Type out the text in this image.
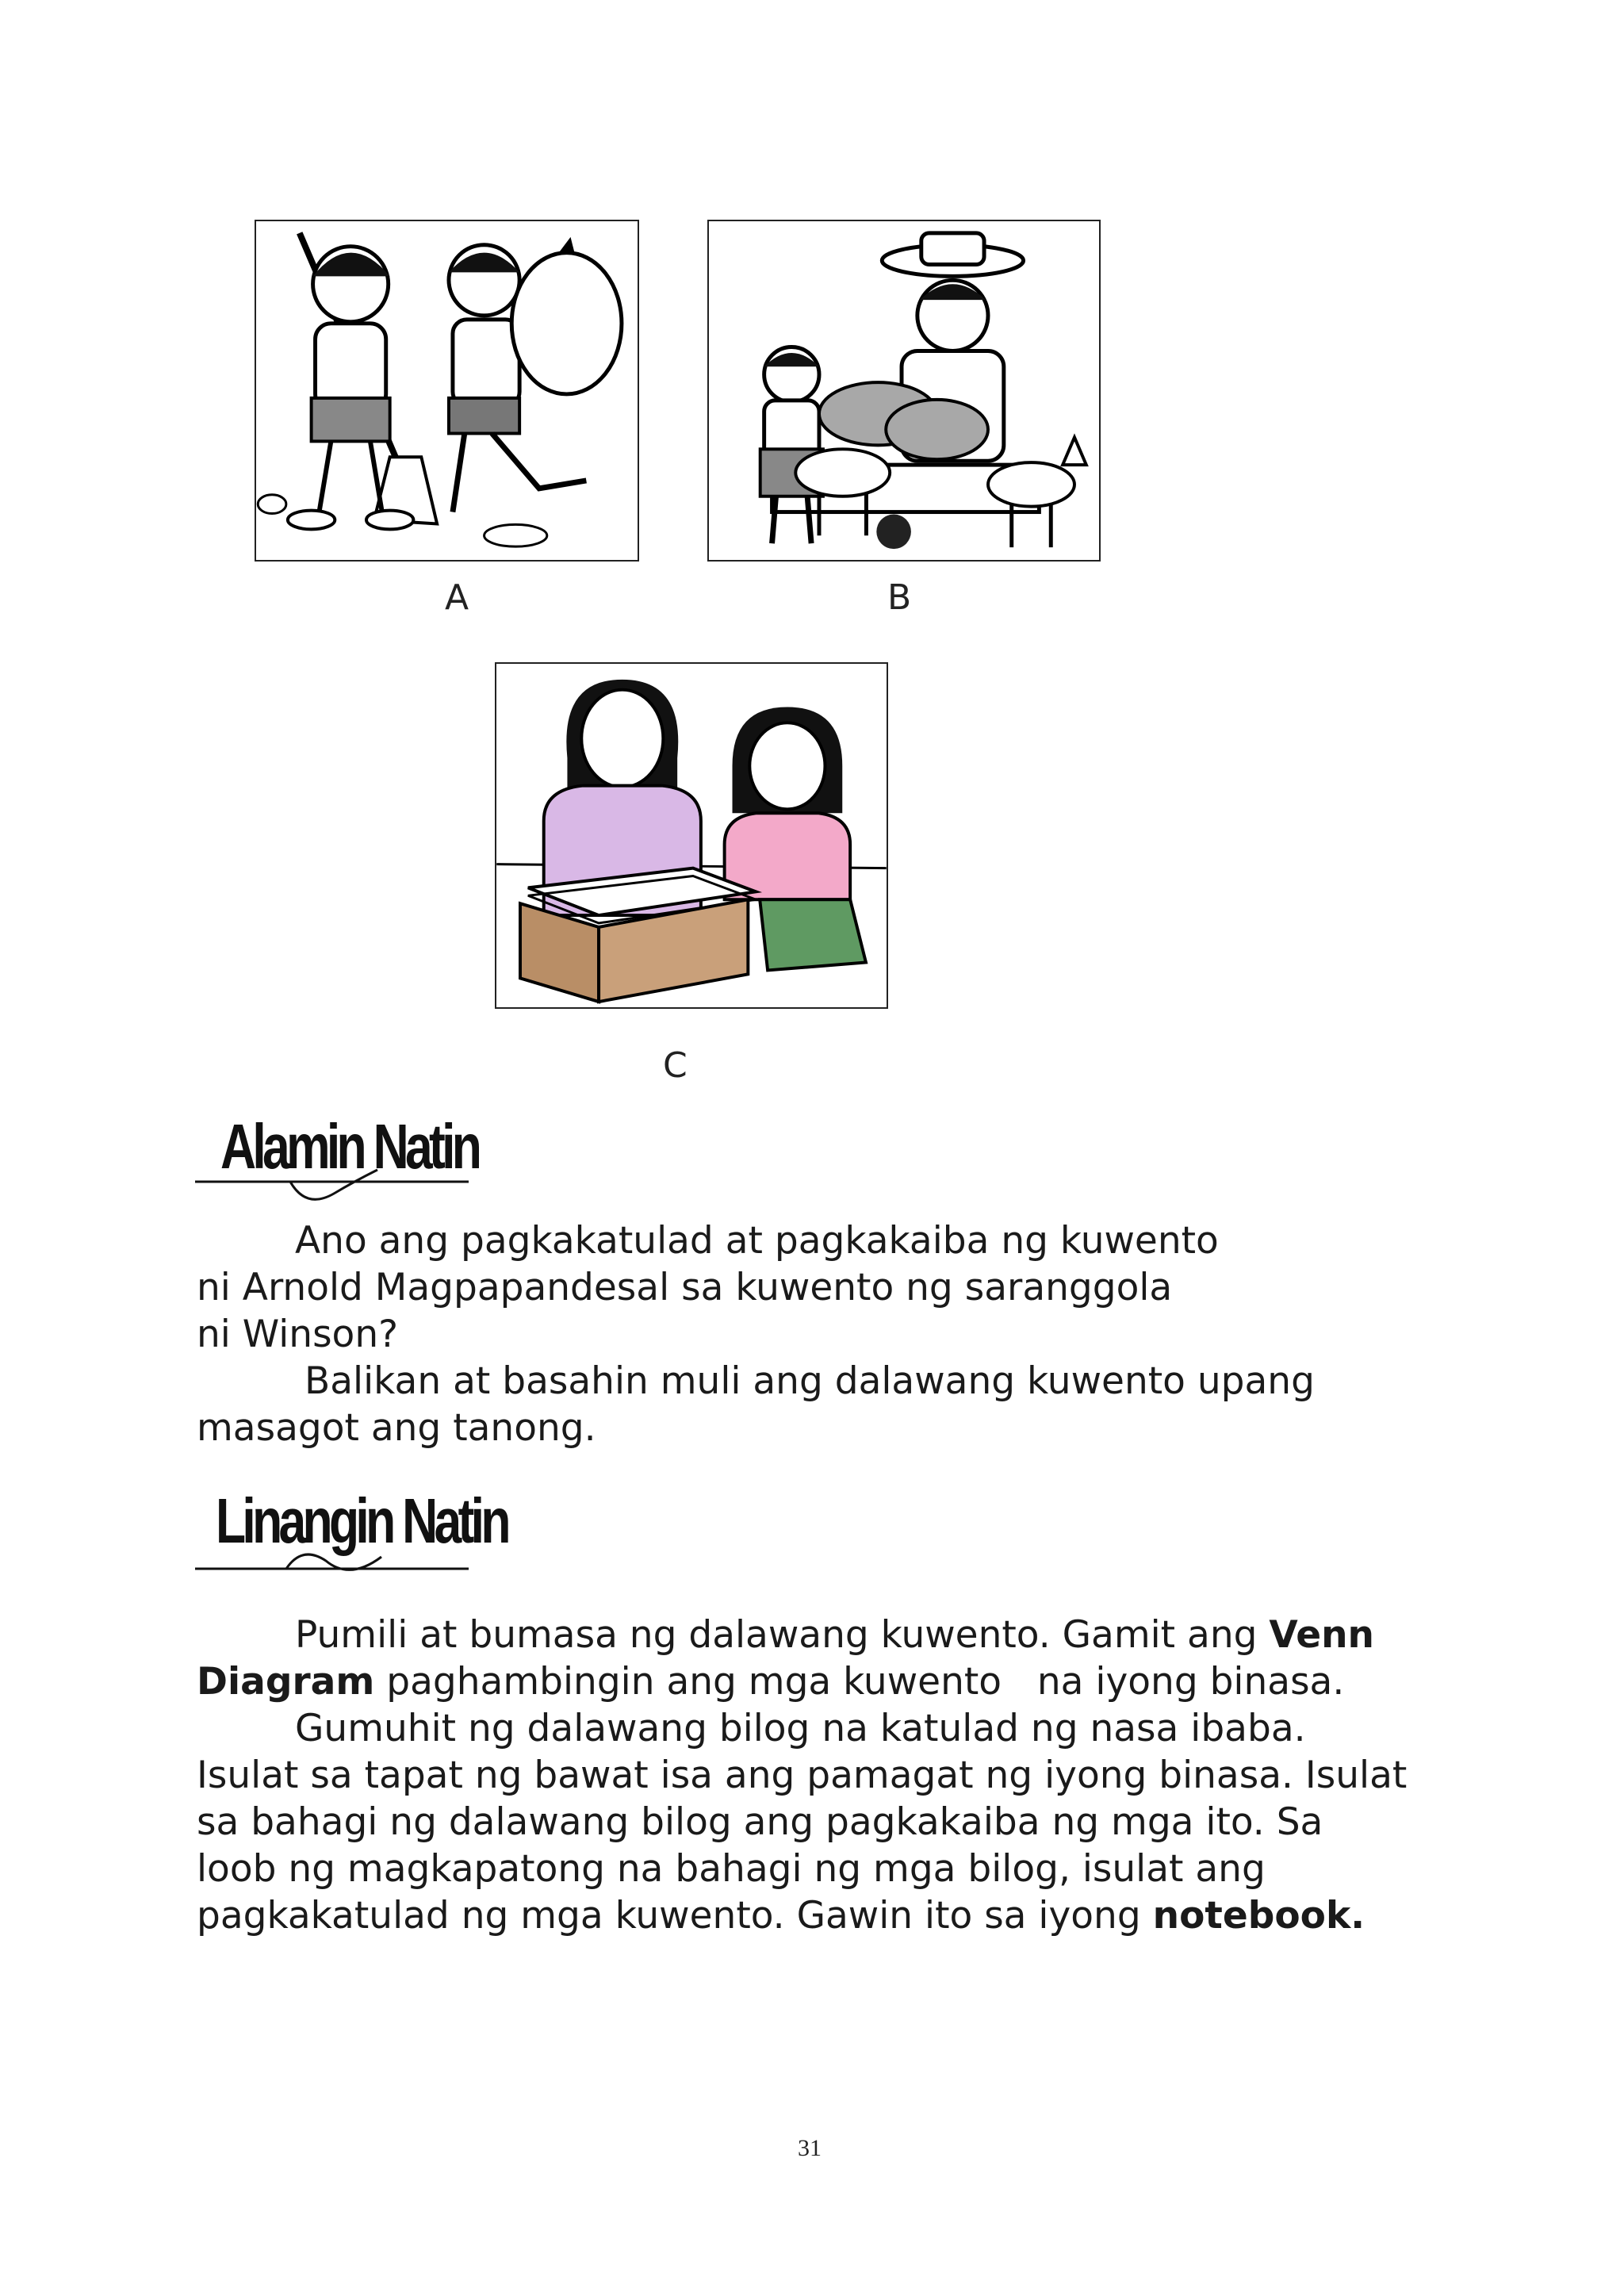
A	B
C
Alamin Natin

Ano ang pagkakatulad at pagkakaiba ng kuwento

ni Arnold Magpapandesal sa kuwento ng saranggola

ni Winson?

Balikan at basahin muli ang dalawang kuwento upang

masagot ang tanong.

Linangin Natin

Pumili at bumasa ng dalawang kuwento. Gamit ang Venn

Diagram paghambingin ang mga kuwento   na iyong binasa.

Gumuhit ng dalawang bilog na katulad ng nasa ibaba.

Isulat sa tapat ng bawat isa ang pamagat ng iyong binasa. Isulat

sa bahagi ng dalawang bilog ang pagkakaiba ng mga ito. Sa

loob ng magkapatong na bahagi ng mga bilog, isulat ang

pagkakatulad ng mga kuwento. Gawin ito sa iyong notebook.

31
